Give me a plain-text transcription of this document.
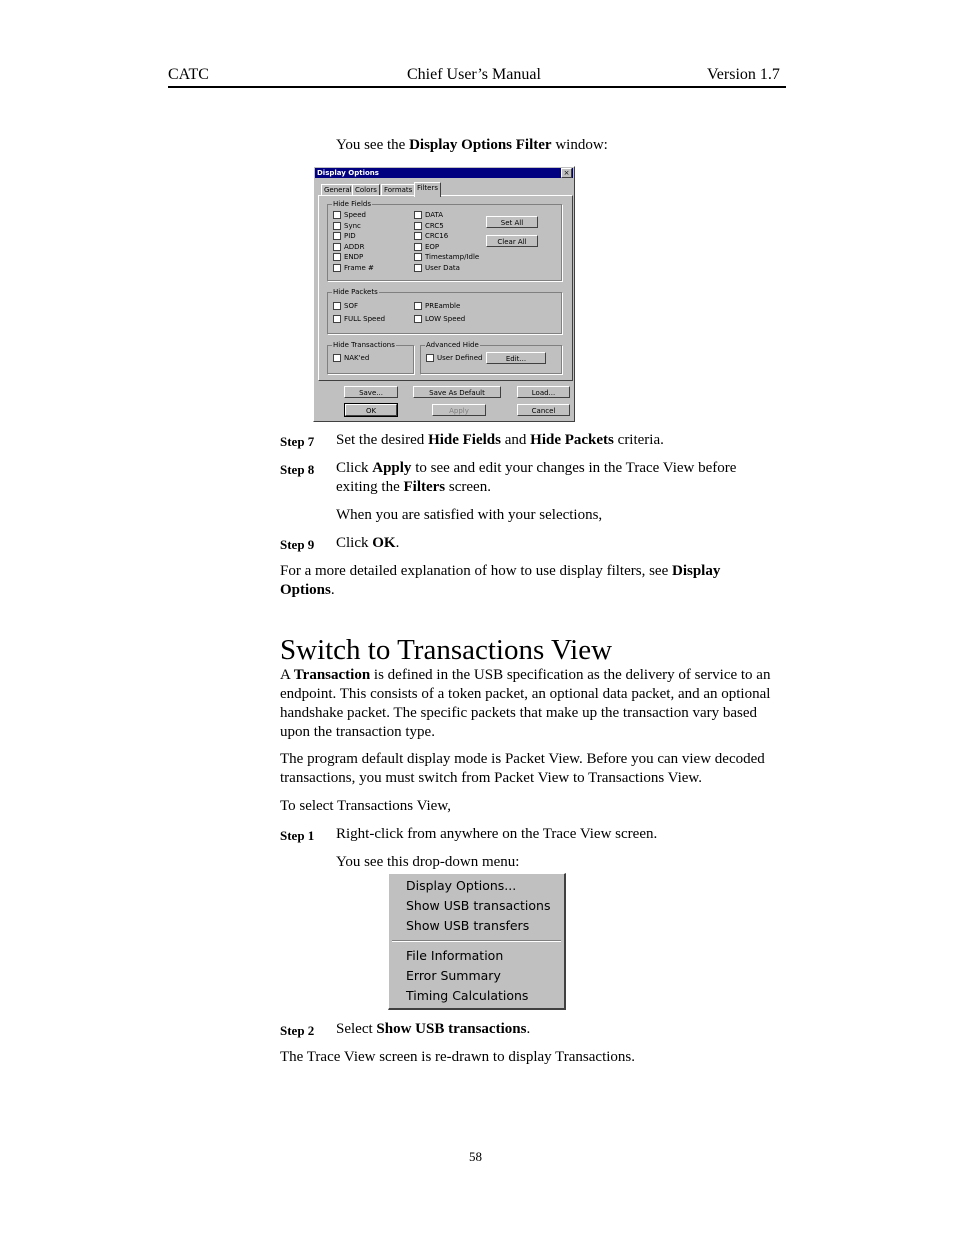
CATC	Chief User’s Manual	Version 1.7
You see the Display Options Filter window:
Display Options	×
General Colors	Formats Filters
Hide Fields
Speed
Sync
PID
ADDR
ENDP
Frame #
DATA
CRC5
CRC16
EOP
Timestamp/Idle
User Data
Set All
Clear All
Hide Packets
SOF	PREamble
FULL Speed	LOW Speed
Hide Transactions
NAK'ed
Advanced Hide
User Defined	Edit...
Save...	Save As Default	Load...
OK	Apply	Cancel
Step 7 Set the desired Hide Fields and Hide Packets criteria.
Step 8 Click Apply to see and edit your changes in the Trace View before
exiting the Filters screen.
When you are satisfied with your selections,
Step 9 Click OK.
For a more detailed explanation of how to use display filters, see Display
Options.
Switch to Transactions View
A Transaction is defined in the USB specification as the delivery of service to an
endpoint. This consists of a token packet, an optional data packet, and an optional
handshake packet. The specific packets that make up the transaction vary based
upon the transaction type.
The program default display mode is Packet View. Before you can view decoded
transactions, you must switch from Packet View to Transactions View.
To select Transactions View,
Step 1 Right-click from anywhere on the Trace View screen.
You see this drop-down menu:
Display Options...
Show USB transactions
Show USB transfers
File Information
Error Summary
Timing Calculations
Step 2 Select Show USB transactions.
The Trace View screen is re-drawn to display Transactions.
58
